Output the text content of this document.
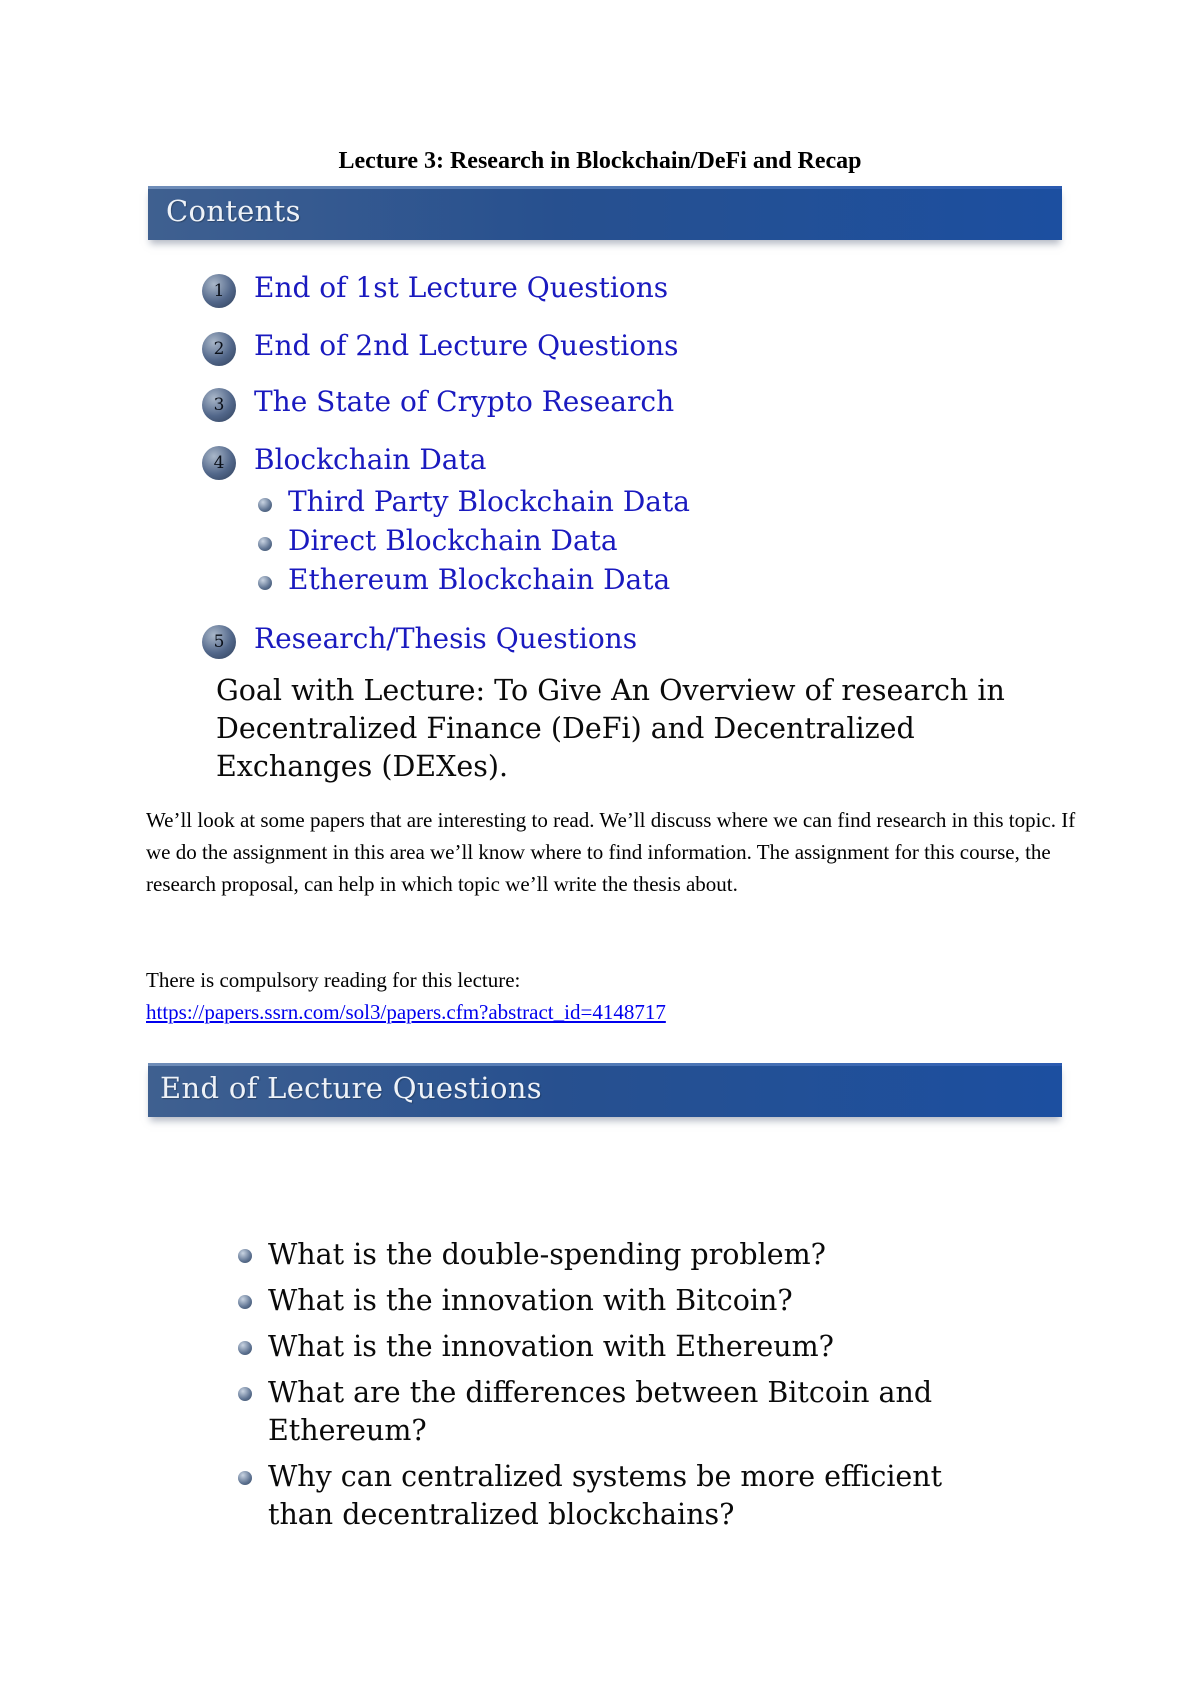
Lecture 3: Research in Blockchain/DeFi and Recap
Contents
1	End of 1st Lecture Questions
2	End of 2nd Lecture Questions
3	The State of Crypto Research
4	Blockchain Data
Third Party Blockchain Data
Direct Blockchain Data
Ethereum Blockchain Data
5	Research/Thesis Questions
Goal with Lecture: To Give An Overview of research in Decentralized Finance (DeFi) and Decentralized Exchanges (DEXes).
We’ll look at some papers that are interesting to read. We’ll discuss where we can find research in this topic. If we do the assignment in this area we’ll know where to find information. The assignment for this course, the research proposal, can help in which topic we’ll write the thesis about.
There is compulsory reading for this lecture:
https://papers.ssrn.com/sol3/papers.cfm?abstract_id=4148717
End of Lecture Questions
What is the double-spending problem?
What is the innovation with Bitcoin?
What is the innovation with Ethereum?
What are the differences between Bitcoin and Ethereum?
Why can centralized systems be more efficient than decentralized blockchains?
